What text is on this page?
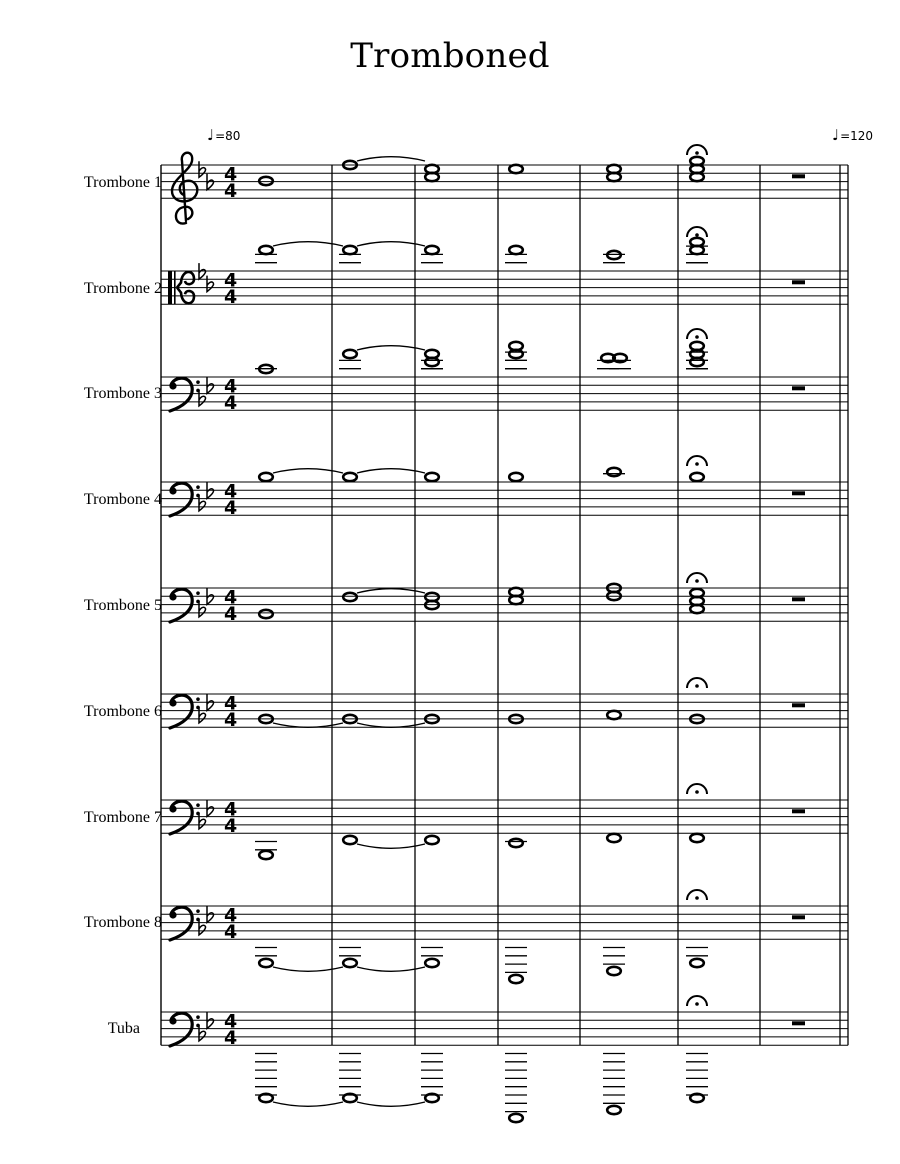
Tromboned
♩=80	♩=120
Trombone 1
Trombone 2
Trombone 3
Trombone 4
Trombone 5
Trombone 6
Trombone 7
Trombone 8
Tuba
4
4
4
4
4
4
4
4
4
4
4
4
4
4
4
4
4
4
